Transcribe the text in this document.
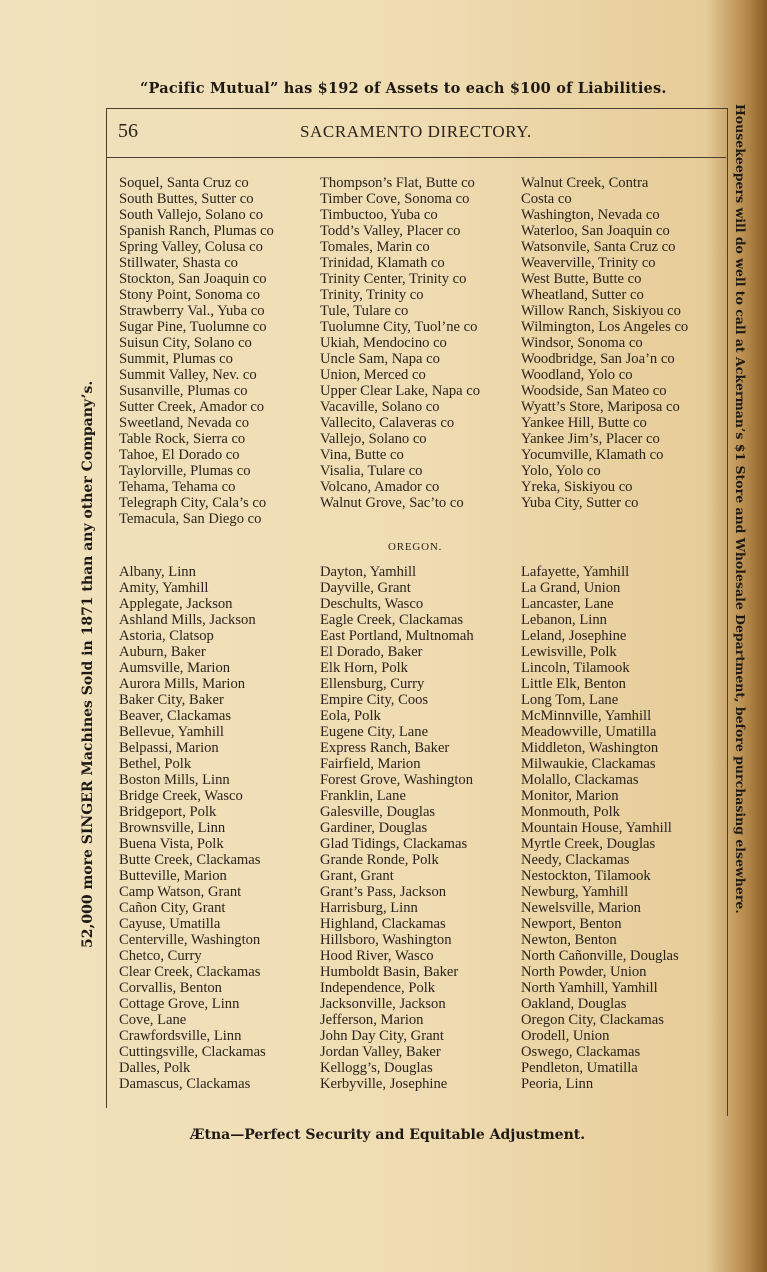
“Pacific Mutual” has $192 of Assets to each $100 of Liabilities.
52,000 more SINGER Machines Sold in 1871 than any other Company’s.	Housekeepers will do well to call at Ackerman’s $1 Store and Wholesale Department, before purchasing elsewhere.
56	SACRAMENTO DIRECTORY.
Soquel, Santa Cruz co
South Buttes, Sutter co
South Vallejo, Solano co
Spanish Ranch, Plumas co
Spring Valley, Colusa co
Stillwater, Shasta co
Stockton, San Joaquin co
Stony Point, Sonoma co
Strawberry Val., Yuba co
Sugar Pine, Tuolumne co
Suisun City, Solano co
Summit, Plumas co
Summit Valley, Nev. co
Susanville, Plumas co
Sutter Creek, Amador co
Sweetland, Nevada co
Table Rock, Sierra co
Tahoe, El Dorado co
Taylorville, Plumas co
Tehama, Tehama co
Telegraph City, Cala’s co
Temacula, San Diego co
Thompson’s Flat, Butte co
Timber Cove, Sonoma co
Timbuctoo, Yuba co
Todd’s Valley, Placer co
Tomales, Marin co
Trinidad, Klamath co
Trinity Center, Trinity co
Trinity, Trinity co
Tule, Tulare co
Tuolumne City, Tuol’ne co
Ukiah, Mendocino co
Uncle Sam, Napa co
Union, Merced co
Upper Clear Lake, Napa co
Vacaville, Solano co
Vallecito, Calaveras co
Vallejo, Solano co
Vina, Butte co
Visalia, Tulare co
Volcano, Amador co
Walnut Grove, Sac’to co
Walnut Creek, Contra
Costa co
Washington, Nevada co
Waterloo, San Joaquin co
Watsonvile, Santa Cruz co
Weaverville, Trinity co
West Butte, Butte co
Wheatland, Sutter co
Willow Ranch, Siskiyou co
Wilmington, Los Angeles co
Windsor, Sonoma co
Woodbridge, San Joa’n co
Woodland, Yolo co
Woodside, San Mateo co
Wyatt’s Store, Mariposa co
Yankee Hill, Butte co
Yankee Jim’s, Placer co
Yocumville, Klamath co
Yolo, Yolo co
Yreka, Siskiyou co
Yuba City, Sutter co
OREGON.
Albany, Linn
Amity, Yamhill
Applegate, Jackson
Ashland Mills, Jackson
Astoria, Clatsop
Auburn, Baker
Aumsville, Marion
Aurora Mills, Marion
Baker City, Baker
Beaver, Clackamas
Bellevue, Yamhill
Belpassi, Marion
Bethel, Polk
Boston Mills, Linn
Bridge Creek, Wasco
Bridgeport, Polk
Brownsville, Linn
Buena Vista, Polk
Butte Creek, Clackamas
Butteville, Marion
Camp Watson, Grant
Cañon City, Grant
Cayuse, Umatilla
Centerville, Washington
Chetco, Curry
Clear Creek, Clackamas
Corvallis, Benton
Cottage Grove, Linn
Cove, Lane
Crawfordsville, Linn
Cuttingsville, Clackamas
Dalles, Polk
Damascus, Clackamas
Dayton, Yamhill
Dayville, Grant
Deschults, Wasco
Eagle Creek, Clackamas
East Portland, Multnomah
El Dorado, Baker
Elk Horn, Polk
Ellensburg, Curry
Empire City, Coos
Eola, Polk
Eugene City, Lane
Express Ranch, Baker
Fairfield, Marion
Forest Grove, Washington
Franklin, Lane
Galesville, Douglas
Gardiner, Douglas
Glad Tidings, Clackamas
Grande Ronde, Polk
Grant, Grant
Grant’s Pass, Jackson
Harrisburg, Linn
Highland, Clackamas
Hillsboro, Washington
Hood River, Wasco
Humboldt Basin, Baker
Independence, Polk
Jacksonville, Jackson
Jefferson, Marion
John Day City, Grant
Jordan Valley, Baker
Kellogg’s, Douglas
Kerbyville, Josephine
Lafayette, Yamhill
La Grand, Union
Lancaster, Lane
Lebanon, Linn
Leland, Josephine
Lewisville, Polk
Lincoln, Tilamook
Little Elk, Benton
Long Tom, Lane
McMinnville, Yamhill
Meadowville, Umatilla
Middleton, Washington
Milwaukie, Clackamas
Molallo, Clackamas
Monitor, Marion
Monmouth, Polk
Mountain House, Yamhill
Myrtle Creek, Douglas
Needy, Clackamas
Nestockton, Tilamook
Newburg, Yamhill
Newelsville, Marion
Newport, Benton
Newton, Benton
North Cañonville, Douglas
North Powder, Union
North Yamhill, Yamhill
Oakland, Douglas
Oregon City, Clackamas
Orodell, Union
Oswego, Clackamas
Pendleton, Umatilla
Peoria, Linn
Ætna—Perfect Security and Equitable Adjustment.
